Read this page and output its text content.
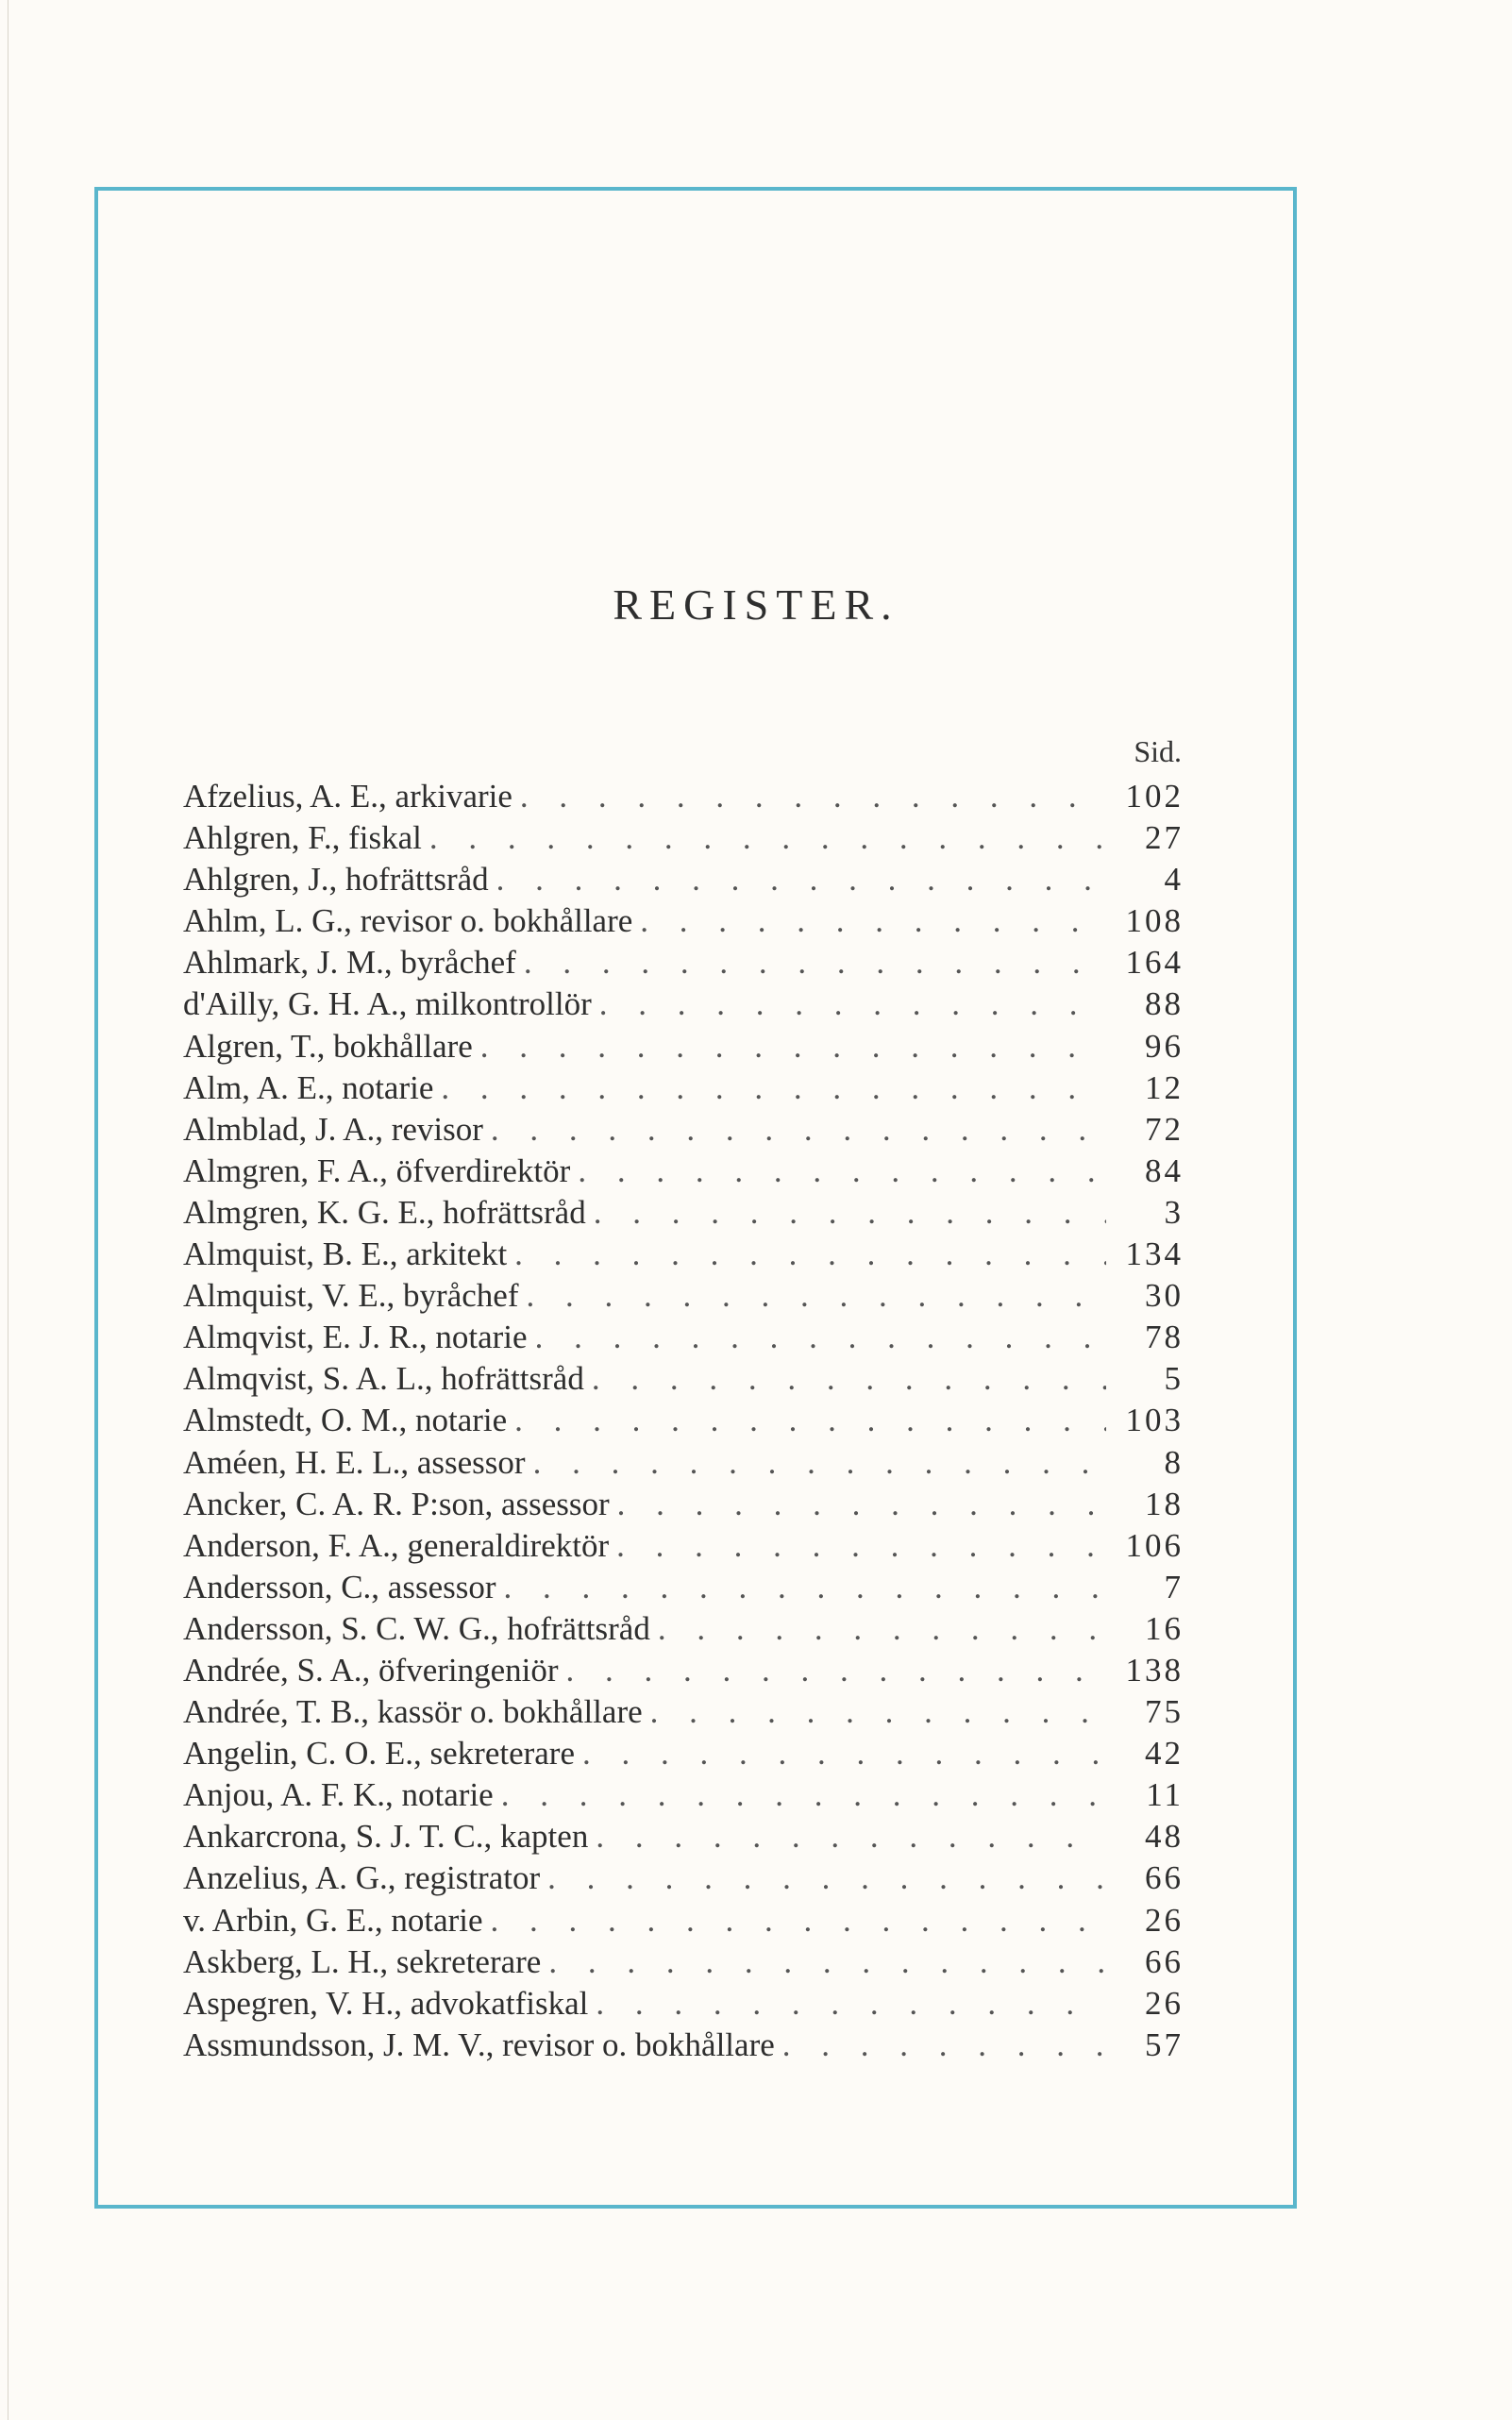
REGISTER.
Sid.
Afzelius, A. E., arkivarie . . .	102
Ahlgren, F., fiskal . . .	27
Ahlgren, J., hofrättsråd . . .	4
Ahlm, L. G., revisor o. bokhållare . . .	108
Ahlmark, J. M., byråchef . . .	164
d'Ailly, G. H. A., milkontrollör . . .	88
Algren, T., bokhållare . . .	96
Alm, A. E., notarie . . .	12
Almblad, J. A., revisor . . .	72
Almgren, F. A., öfverdirektör . . .	84
Almgren, K. G. E., hofrättsråd . . .	3
Almquist, B. E., arkitekt . . .	134
Almquist, V. E., byråchef . . .	30
Almqvist, E. J. R., notarie . . .	78
Almqvist, S. A. L., hofrättsråd . . .	5
Almstedt, O. M., notarie . . .	103
Améen, H. E. L., assessor . . .	8
Ancker, C. A. R. P:son, assessor . . .	18
Anderson, F. A., generaldirektör . . .	106
Andersson, C., assessor . . .	7
Andersson, S. C. W. G., hofrättsråd . . .	16
Andrée, S. A., öfveringeniör . . .	138
Andrée, T. B., kassör o. bokhållare . . .	75
Angelin, C. O. E., sekreterare . . .	42
Anjou, A. F. K., notarie . . .	11
Ankarcrona, S. J. T. C., kapten . . .	48
Anzelius, A. G., registrator . . .	66
v. Arbin, G. E., notarie . . .	26
Askberg, L. H., sekreterare . . .	66
Aspegren, V. H., advokatfiskal . . .	26
Assmundsson, J. M. V., revisor o. bokhållare . . .	57
